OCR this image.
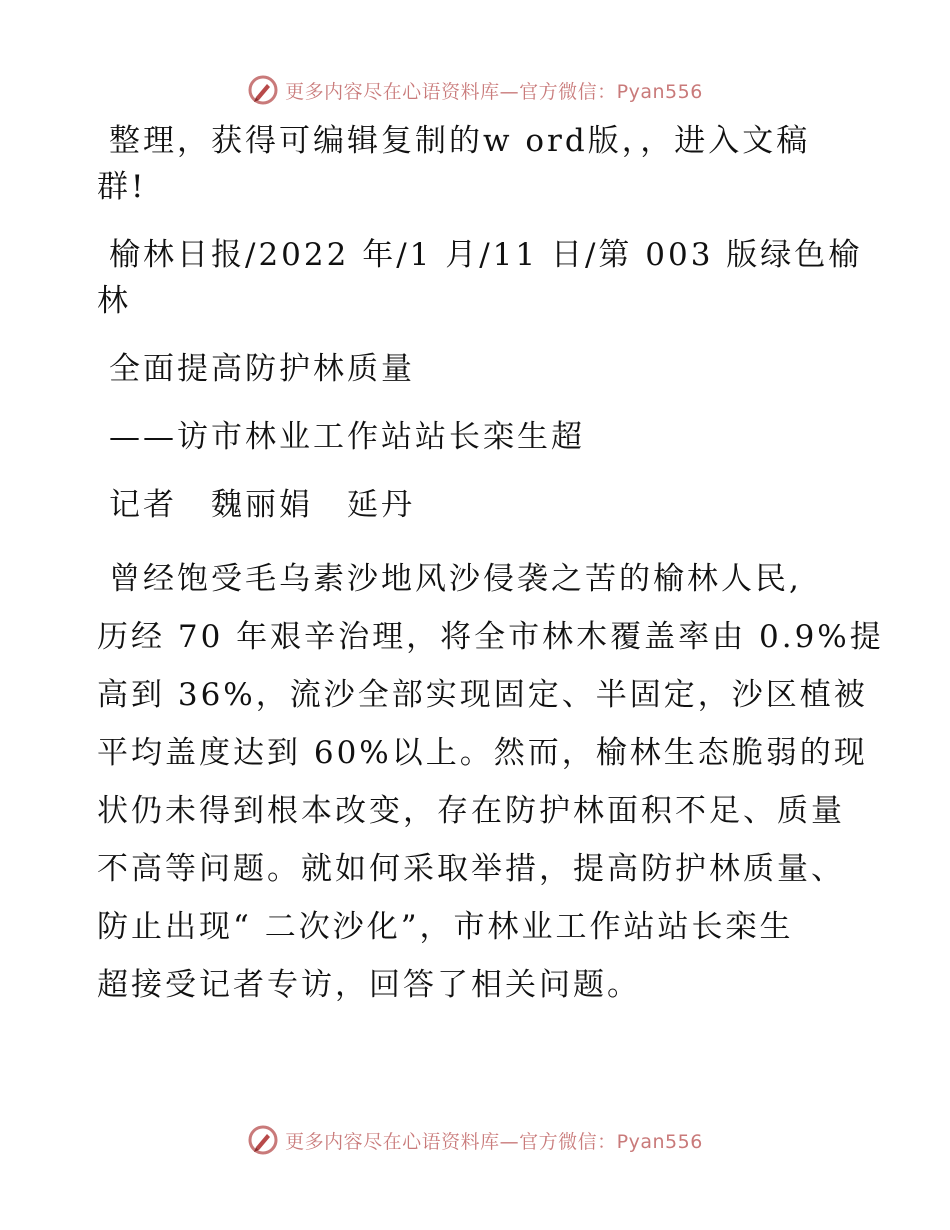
更多内容尽在心语资料库—官方微信：Pyan556

整理，获得可编辑复制的w ord版，，进入文稿

群!

榆林日报/2022 年/1 月/11 日/第 003 版绿色榆

林

全面提高防护林质量

——访市林业工作站站长栾生超

记者　魏丽娟　延丹

曾经饱受毛乌素沙地风沙侵袭之苦的榆林人民,

历经 70 年艰辛治理，将全市林木覆盖率由 0.9%提

高到 36%，流沙全部实现固定、半固定，沙区植被

平均盖度达到 60%以上。然而，榆林生态脆弱的现

状仍未得到根本改变，存在防护林面积不足、质量

不高等问题。就如何采取举措，提高防护林质量、

防止出现“ 二次沙化”，市林业工作站站长栾生

超接受记者专访，回答了相关问题。

更多内容尽在心语资料库—官方微信：Pyan556
